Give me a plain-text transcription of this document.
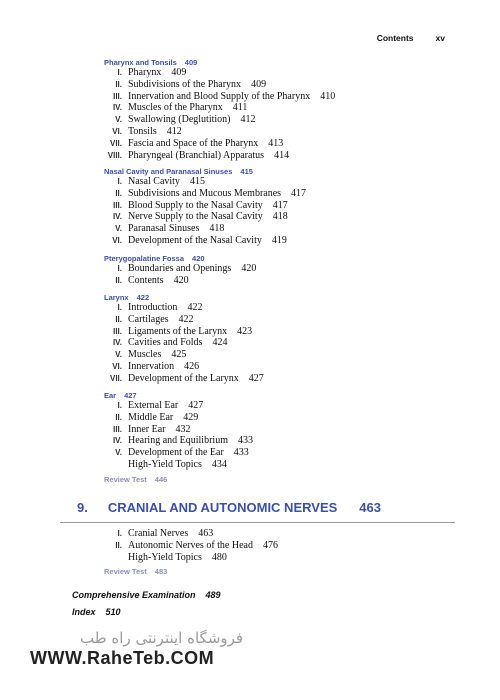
Contents	xv
Pharynx and Tonsils 409
I. Pharynx 409
II. Subdivisions of the Pharynx 409
III. Innervation and Blood Supply of the Pharynx 410
IV. Muscles of the Pharynx 411
V. Swallowing (Deglutition) 412
VI. Tonsils 412
VII. Fascia and Space of the Pharynx 413
VIII. Pharyngeal (Branchial) Apparatus 414
Nasal Cavity and Paranasal Sinuses 415
I. Nasal Cavity 415
II. Subdivisions and Mucous Membranes 417
III. Blood Supply to the Nasal Cavity 417
IV. Nerve Supply to the Nasal Cavity 418
V. Paranasal Sinuses 418
VI. Development of the Nasal Cavity 419
Pterygopalatine Fossa 420
I. Boundaries and Openings 420
II. Contents 420
Larynx 422
I. Introduction 422
II. Cartilages 422
III. Ligaments of the Larynx 423
IV. Cavities and Folds 424
V. Muscles 425
VI. Innervation 426
VII. Development of the Larynx 427
Ear 427
I. External Ear 427
II. Middle Ear 429
III. Inner Ear 432
IV. Hearing and Equilibrium 433
V. Development of the Ear 433
High-Yield Topics 434
Review Test 446
I. Cranial Nerves 463
II. Autonomic Nerves of the Head 476
High-Yield Topics 480
Review Test 483
9. CRANIAL AND AUTONOMIC NERVES 463
Comprehensive Examination 489
Index 510
فروشگاه اینترنتی راه طب
WWW.RaheTeb.COM
